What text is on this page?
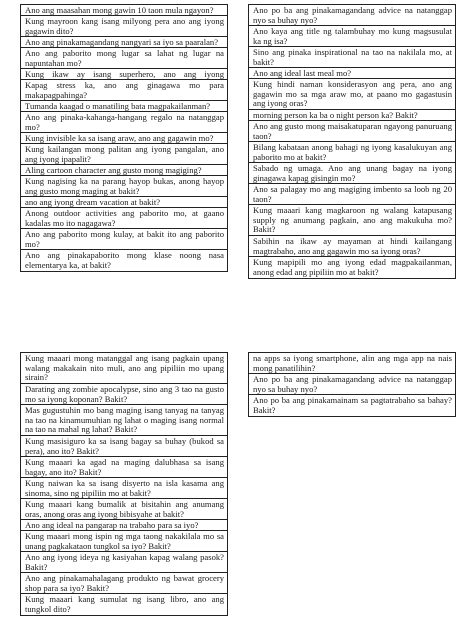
Ano ang maasahan mong gawin 10 taon mula ngayon?
Kung mayroon kang isang milyong pera ano ang iyong gagawin dito?
Ano ang pinakamagandang nangyari sa iyo sa paaralan?
Ano ang paborito mong lugar sa lahat ng lugar na napuntahan mo?
Kung ikaw ay isang superhero, ano ang iyong
Kapag stress ka, ano ang ginagawa mo para makapagpahinga?
Tumanda kaagad o manatiling bata magpakailanman?
Ano ang pinaka-kahanga-hangang regalo na natanggap mo?
Kung invisible ka sa isang araw, ano ang gagawin mo?
Kung kailangan mong palitan ang iyong pangalan, ano ang iyong ipapalit?
Aling cartoon character ang gusto mong magiging?
Kung nagising ka na parang hayop bukas, anong hayop ang gusto mong maging at bakit?
ano ang iyong dream vacation at bakit?
Anong outdoor activities ang paborito mo, at gaano kadalas mo ito nagagawa?
Ano ang paborito mong kulay, at bakit ito ang paborito mo?
Ano ang pinakapaborito mong klase noong nasa elementarya ka, at bakit?
Ano po ba ang pinakamagandang advice na natanggap nyo sa buhay nyo?
Ano kaya ang title ng talambuhay mo kung magsusulat ka ng isa?
Sino ang pinaka inspirational na tao na nakilala mo, at bakit?
Ano ang ideal last meal mo?
Kung hindi naman konsiderasyon ang pera, ano ang gagawin mo sa mga araw mo, at paano mo gagastusin ang iyong oras?
morning person ka ba o night person ka? Bakit?
Ano ang gusto mong maisakatuparan ngayong panuruang taon?
Bilang kabataan anong bahagi ng iyong kasalukuyan ang paborito mo at bakit?
Sabado ng umaga. Ano ang unang bagay na iyong ginagawa kapag gisingin mo?
Ano sa palagay mo ang magiging imbento sa loob ng 20 taon?
Kung maaari kang magkaroon ng walang katapusang supply ng anumang pagkain, ano ang makukuha mo? Bakit?
Sabihin na ikaw ay mayaman at hindi kailangang magtrabaho, ano ang gagawin mo sa iyong oras?
Kung mapipili mo ang iyong edad magpakailanman, anong edad ang pipiliin mo at bakit?
Kung maaari mong matanggal ang isang pagkain upang walang makakain nito muli, ano ang pipiliin mo upang sirain?
Darating ang zombie apocalypse, sino ang 3 tao na gusto mo sa iyong koponan? Bakit?
Mas gugustuhin mo bang maging isang tanyag na tanyag na tao na kinamumuhian ng lahat o maging isang normal na tao na mahal ng lahat? Bakit?
Kung masisiguro ka sa isang bagay sa buhay (bukod sa pera), ano ito? Bakit?
Kung maaari ka agad na maging dalubhasa sa isang bagay, ano ito? Bakit?
Kung naiwan ka sa isang disyerto na isla kasama ang sinoma, sino ng pipiliin mo at bakit?
Kung maaari kang bumalik at bisitahin ang anumang oras, anong oras ang iyong bibisyahe at bakit?
Ano ang ideal na pangarap na trabaho para sa iyo?
Kung maaari mong ispin ng mga taong nakakilala mo sa unang pagkakataon tungkol sa iyo? Bakit?
Ano ang iyong ideya ng kasiyahan kapag walang pasok? Bakit?
Ano ang pinakamahalagang produkto ng bawat grocery shop para sa iyo? Bakit?
Kung maaari kang sumulat ng isang libro, ano ang tungkol dito?
na apps sa iyong smartphone, alin ang mga app na nais mong panatilihin?
Ano po ba ang pinakamagandang advice na natanggap nyo sa buhay nyo?
Ano po ba ang pinakamainam sa pagtatrabaho sa bahay? Bakit?
